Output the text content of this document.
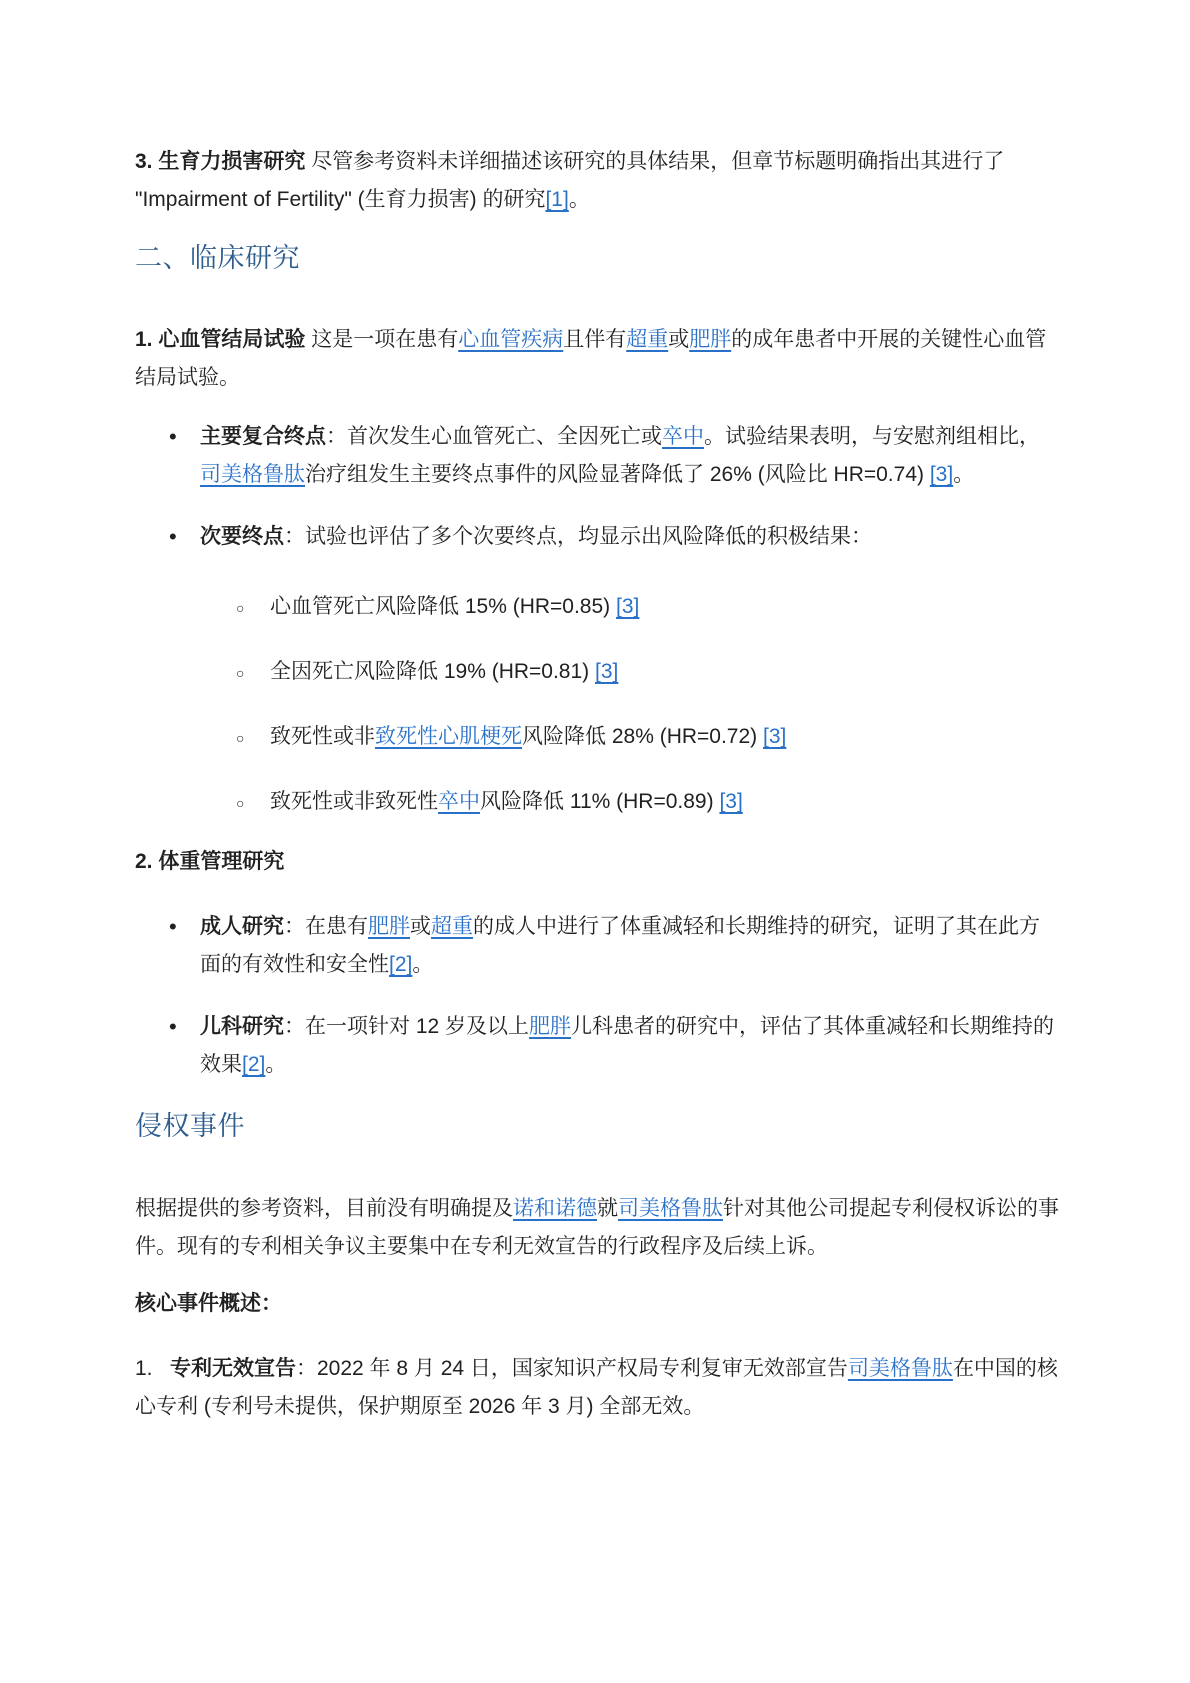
3. 生育力损害研究 尽管参考资料未详细描述该研究的具体结果，但章节标题明确指出其进行了 "Impairment of Fertility" (生育力损害) 的研究[1]。

二、临床研究

1. 心血管结局试验 这是一项在患有心血管疾病且伴有超重或肥胖的成年患者中开展的关键性心血管结局试验。

• 主要复合终点：首次发生心血管死亡、全因死亡或卒中。试验结果表明，与安慰剂组相比，司美格鲁肽治疗组发生主要终点事件的风险显著降低了 26% (风险比 HR=0.74) [3]。
• 次要终点：试验也评估了多个次要终点，均显示出风险降低的积极结果：
○ 心血管死亡风险降低 15% (HR=0.85) [3]
○ 全因死亡风险降低 19% (HR=0.81) [3]
○ 致死性或非致死性心肌梗死风险降低 28% (HR=0.72) [3]
○ 致死性或非致死性卒中风险降低 11% (HR=0.89) [3]

2. 体重管理研究

• 成人研究：在患有肥胖或超重的成人中进行了体重减轻和长期维持的研究，证明了其在此方面的有效性和安全性[2]。
• 儿科研究：在一项针对 12 岁及以上肥胖儿科患者的研究中，评估了其体重减轻和长期维持的效果[2]。
侵权事件

根据提供的参考资料，目前没有明确提及诺和诺德就司美格鲁肽针对其他公司提起专利侵权诉讼的事件。现有的专利相关争议主要集中在专利无效宣告的行政程序及后续上诉。

核心事件概述：

1. 专利无效宣告：2022 年 8 月 24 日，国家知识产权局专利复审无效部宣告司美格鲁肽在中国的核心专利 (专利号未提供，保护期原至 2026 年 3 月) 全部无效。
